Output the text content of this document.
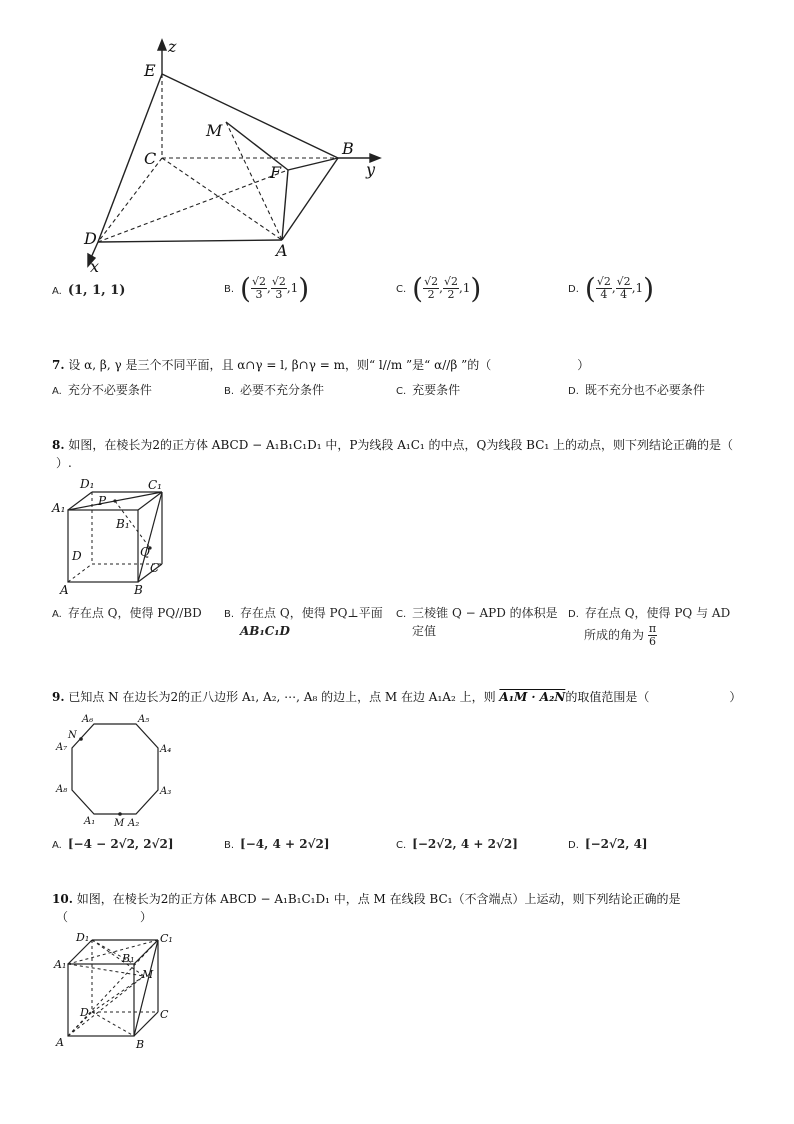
z
E
M
C
F
B
y
D
A
x
A. (1, 1, 1)	B. ( $\frac{√2}{3}$ , $\frac{√2}{3} ,1$)	C. ( $\frac{√2}{2}$ , $\frac{√2}{2} ,1$)	D. ( $\frac{√2}{4}$ , $\frac{√2}{4} ,1$)
7. 设 α, β, γ 是三个不同平面，且 α∩γ = l, β∩γ = m，则“ l//m ”是“ α//β ”的（	）
A. 充分不必要条件	B. 必要不充分条件	C. 充要条件	D. 既不充分也不必要条件
8. 如图，在棱长为2的正方体 ABCD − A₁B₁C₁D₁ 中，P为线段 A₁C₁ 的中点，Q为线段 BC₁ 上的动点，则下列结论正确的是（
）.
D₁	C₁
A₁	P
B₁
D	Q
C
A	B
A. 存在点 Q，使得 PQ//BD	B. 存在点 Q，使得 PQ⊥平面
AB₁C₁D
C. 三棱锥 Q − APD 的体积是
定值
D. 存在点 Q，使得 PQ 与 AD
所成的角为 $\frac{\pi}{6}$
9. 已知点 N 在边长为2的正八边形 A₁, A₂, ⋯, A₈ 的边上，点 M 在边 A₁A₂ 上，则 A₁M · A₂N的取值范围是（	）
A₆	A₅
N
A₇	A₄
A₈	A₃
A₁ M A₂
A. [−4 − 2√2, 2√2]	B. [−4, 4 + 2√2]	C. [−2√2, 4 + 2√2]	D. [−2√2, 4]
10. 如图，在棱长为2的正方体 ABCD − A₁B₁C₁D₁ 中，点 M 在线段 BC₁（不含端点）上运动，则下列结论正确的是
（　　　　　　）
D₁	C₁
A₁	B₁
M
D	C
A	B
